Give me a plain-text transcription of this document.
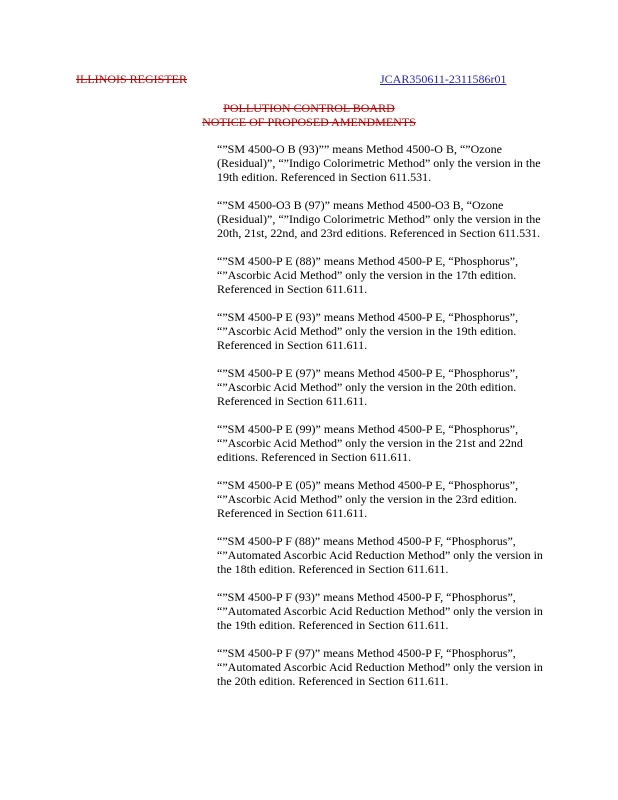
ILLINOIS REGISTER	JCAR350611-2311586r01
POLLUTION CONTROL BOARD
NOTICE OF PROPOSED AMENDMENTS
“”SM 4500-O B (93)”” means Method 4500-O B, “”Ozone (Residual)”, “”Indigo Colorimetric Method” only the version in the 19th edition. Referenced in Section 611.531.
“”SM 4500-O3 B (97)” means Method 4500-O3 B, “Ozone (Residual)”, “”Indigo Colorimetric Method” only the version in the 20th, 21st, 22nd, and 23rd editions. Referenced in Section 611.531.
“”SM 4500-P E (88)” means Method 4500-P E, “Phosphorus”, “”Ascorbic Acid Method” only the version in the 17th edition. Referenced in Section 611.611.
“”SM 4500-P E (93)” means Method 4500-P E, “Phosphorus”, “”Ascorbic Acid Method” only the version in the 19th edition. Referenced in Section 611.611.
“”SM 4500-P E (97)” means Method 4500-P E, “Phosphorus”, “”Ascorbic Acid Method” only the version in the 20th edition. Referenced in Section 611.611.
“”SM 4500-P E (99)” means Method 4500-P E, “Phosphorus”, “”Ascorbic Acid Method” only the version in the 21st and 22nd editions. Referenced in Section 611.611.
“”SM 4500-P E (05)” means Method 4500-P E, “Phosphorus”, “”Ascorbic Acid Method” only the version in the 23rd edition. Referenced in Section 611.611.
“”SM 4500-P F (88)” means Method 4500-P F, “Phosphorus”, “”Automated Ascorbic Acid Reduction Method” only the version in the 18th edition. Referenced in Section 611.611.
“”SM 4500-P F (93)” means Method 4500-P F, “Phosphorus”, “”Automated Ascorbic Acid Reduction Method” only the version in the 19th edition. Referenced in Section 611.611.
“”SM 4500-P F (97)” means Method 4500-P F, “Phosphorus”, “”Automated Ascorbic Acid Reduction Method” only the version in the 20th edition. Referenced in Section 611.611.
